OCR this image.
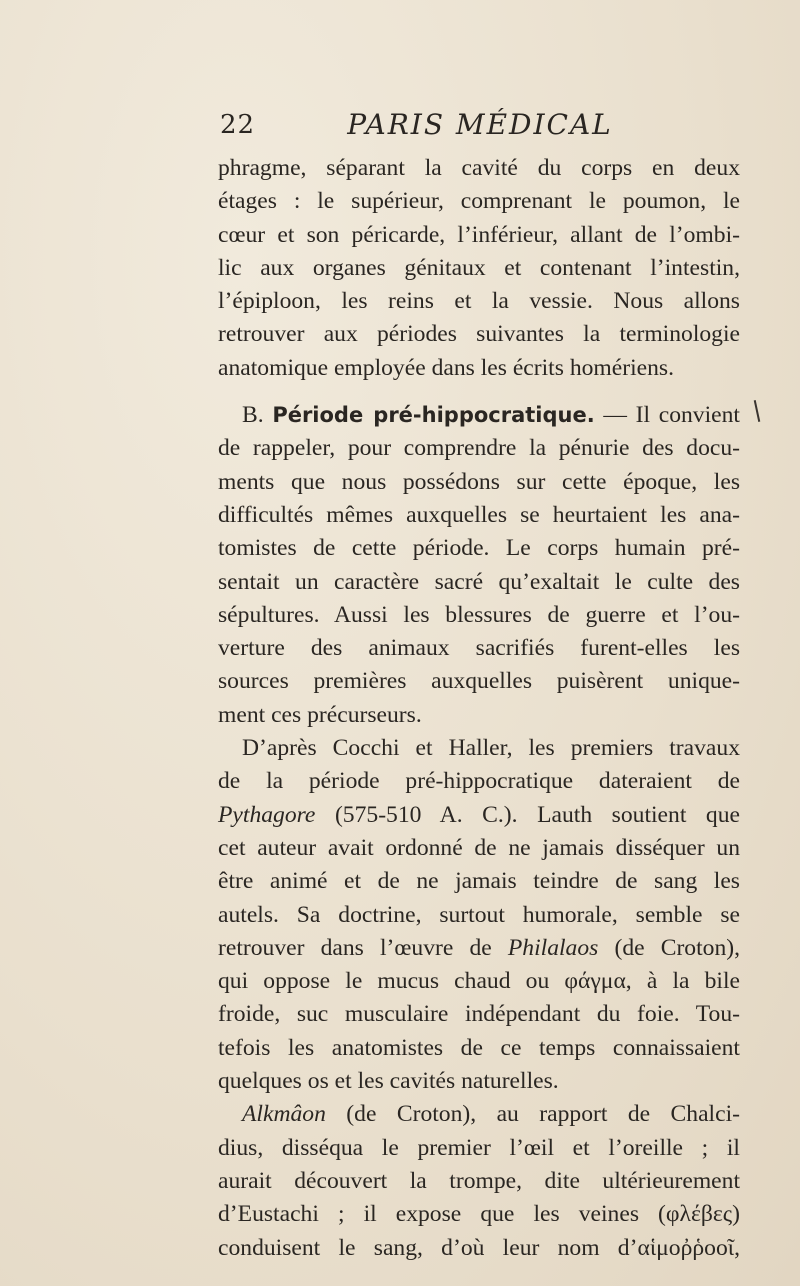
22	PARIS MÉDICAL

phragme, séparant la cavité du corps en deux

étages : le supérieur, comprenant le poumon, le

cœur et son péricarde, l’inférieur, allant de l’ombi-

lic aux organes génitaux et contenant l’intestin,

l’épiploon, les reins et la vessie. Nous allons

retrouver aux périodes suivantes la terminologie

anatomique employée dans les écrits homériens.

B. Période pré-hippocratique. — Il convient

de rappeler, pour comprendre la pénurie des docu-

ments que nous possédons sur cette époque, les

difficultés mêmes auxquelles se heurtaient les ana-

tomistes de cette période. Le corps humain pré-

sentait un caractère sacré qu’exaltait le culte des

sépultures. Aussi les blessures de guerre et l’ou-

verture des animaux sacrifiés furent-elles les

sources premières auxquelles puisèrent unique-

ment ces précurseurs.

D’après Cocchi et Haller, les premiers travaux

de la période pré-hippocratique dateraient de

Pythagore (575-510 A. C.). Lauth soutient que

cet auteur avait ordonné de ne jamais disséquer un

être animé et de ne jamais teindre de sang les

autels. Sa doctrine, surtout humorale, semble se

retrouver dans l’œuvre de Philalaos (de Croton),

qui oppose le mucus chaud ou φάγμα, à la bile

froide, suc musculaire indépendant du foie. Tou-

tefois les anatomistes de ce temps connaissaient

quelques os et les cavités naturelles.

Alkmâon (de Croton), au rapport de Chalci-

dius, disséqua le premier l’œil et l’oreille ; il

aurait découvert la trompe, dite ultérieurement

d’Eustachi ; il expose que les veines (φλέβες)

conduisent le sang, d’où leur nom d’αἱμοῤῥοοῖ,
